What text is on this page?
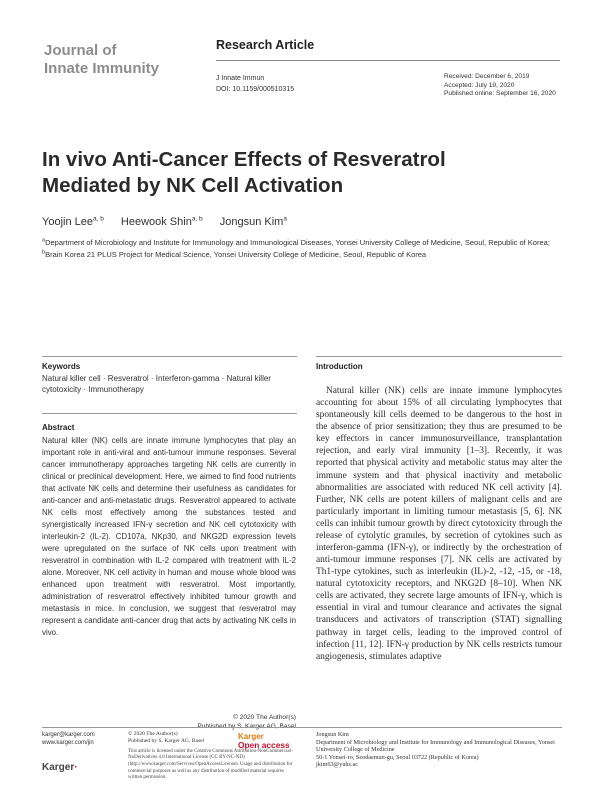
Journal of
Innate Immunity
Research Article
J Innate Immun
DOI: 10.1159/000510315
Received: December 6, 2019
Accepted: July 19, 2020
Published online: September 16, 2020
In vivo Anti-Cancer Effects of Resveratrol
Mediated by NK Cell Activation
Yoojin Lee$^{a, b}$ Heewook Shin$^{a, b}$ Jongsun Kim$^a$
$^a$Department of Microbiology and Institute for Immunology and Immunological Diseases, Yonsei University College of Medicine, Seoul, Republic of Korea; $^b$Brain Korea 21 PLUS Project for Medical Science, Yonsei University College of Medicine, Seoul, Republic of Korea
Keywords
Natural killer cell · Resveratrol · Interferon-gamma · Natural killer cytotoxicity · Immunotherapy
Abstract
Natural killer (NK) cells are innate immune lymphocytes that play an important role in anti-viral and anti-tumour immune responses. Several cancer immunotherapy approaches targeting NK cells are currently in clinical or preclinical development. Here, we aimed to find food nutrients that activate NK cells and determine their usefulness as candidates for anti-cancer and anti-metastatic drugs. Resveratrol appeared to activate NK cells most effectively among the substances tested and synergistically increased IFN-γ secretion and NK cell cytotoxicity with interleukin-2 (IL-2). CD107a, NKp30, and NKG2D expression levels were upregulated on the surface of NK cells upon treatment with resveratrol in combination with IL-2 compared with treatment with IL-2 alone. Moreover, NK cell activity in human and mouse whole blood was enhanced upon treatment with resveratrol. Most importantly, administration of resveratrol effectively inhibited tumour growth and metastasis in mice. In conclusion, we suggest that resveratrol may represent a candidate anti-cancer drug that acts by activating NK cells in vivo.
© 2020 The Author(s)
Introduction
Natural killer (NK) cells are innate immune lymphocytes accounting for about 15% of all circulating lymphocytes that spontaneously kill cells deemed to be dangerous to the host in the absence of prior sensitization; they thus are presumed to be key effectors in cancer immunosurveillance, transplantation rejection, and early viral immunity [1–3]. Recently, it was reported that physical activity and metabolic status may alter the immune system and that physical inactivity and metabolic abnormalities are associated with reduced NK cell activity [4]. Further, NK cells are potent killers of malignant cells and are particularly important in limiting tumour metastasis [5, 6]. NK cells can inhibit tumour growth by direct cytotoxicity through the release of cytolytic granules, by secretion of cytokines such as interferon-gamma (IFN-γ), or indirectly by the orchestration of anti-tumour immune responses [7]. NK cells are activated by Th1-type cytokines, such as interleukin (IL)-2, -12, -15, or -18, natural cytotoxicity receptors, and NKG2D [8–10]. When NK cells are activated, they secrete large amounts of IFN-γ, which is essential in viral and tumour clearance and activates the signal transducers and activators of transcription (STAT) signalling pathway in target cells, leading to the improved control of infection [11, 12]. IFN-γ production by NK cells restricts tumour angiogenesis, stimulates adaptive
karger@karger.com
www.karger.com/jin
Karger·
© 2020 The Author(s)
Published by S. Karger AG, Basel
This article is licensed under the Creative Commons Attribution-NonCommercial-NoDerivatives 4.0 International License (CC BY-NC-ND) (http://www.karger.com/Services/OpenAccessLicense). Usage and distribution for commercial purposes as well as any distribution of modified material requires written permission.
Karger
Open access
Jongsun Kim
Department of Microbiology and Institute for Immunology and Immunological Diseases, Yonsei University College of Medicine
50-1 Yonsei-ro, Seodaemun-gu, Seoul 03722 (Republic of Korea)
jkim63@yuhs.ac
